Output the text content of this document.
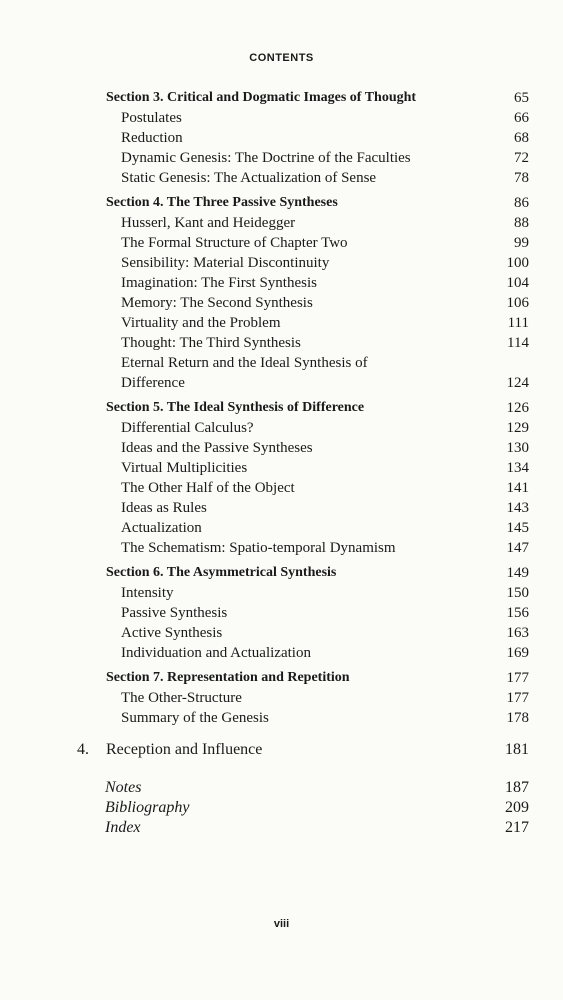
CONTENTS
Section 3. Critical and Dogmatic Images of Thought	65
Postulates	66
Reduction	68
Dynamic Genesis: The Doctrine of the Faculties	72
Static Genesis: The Actualization of Sense	78
Section 4. The Three Passive Syntheses	86
Husserl, Kant and Heidegger	88
The Formal Structure of Chapter Two	99
Sensibility: Material Discontinuity	100
Imagination: The First Synthesis	104
Memory: The Second Synthesis	106
Virtuality and the Problem	111
Thought: The Third Synthesis	114
Eternal Return and the Ideal Synthesis of
Difference	124
Section 5. The Ideal Synthesis of Difference	126
Differential Calculus?	129
Ideas and the Passive Syntheses	130
Virtual Multiplicities	134
The Other Half of the Object	141
Ideas as Rules	143
Actualization	145
The Schematism: Spatio-temporal Dynamism	147
Section 6. The Asymmetrical Synthesis	149
Intensity	150
Passive Synthesis	156
Active Synthesis	163
Individuation and Actualization	169
Section 7. Representation and Repetition	177
The Other-Structure	177
Summary of the Genesis	178
4. Reception and Influence	181
Notes	187
Bibliography	209
Index	217
viii
